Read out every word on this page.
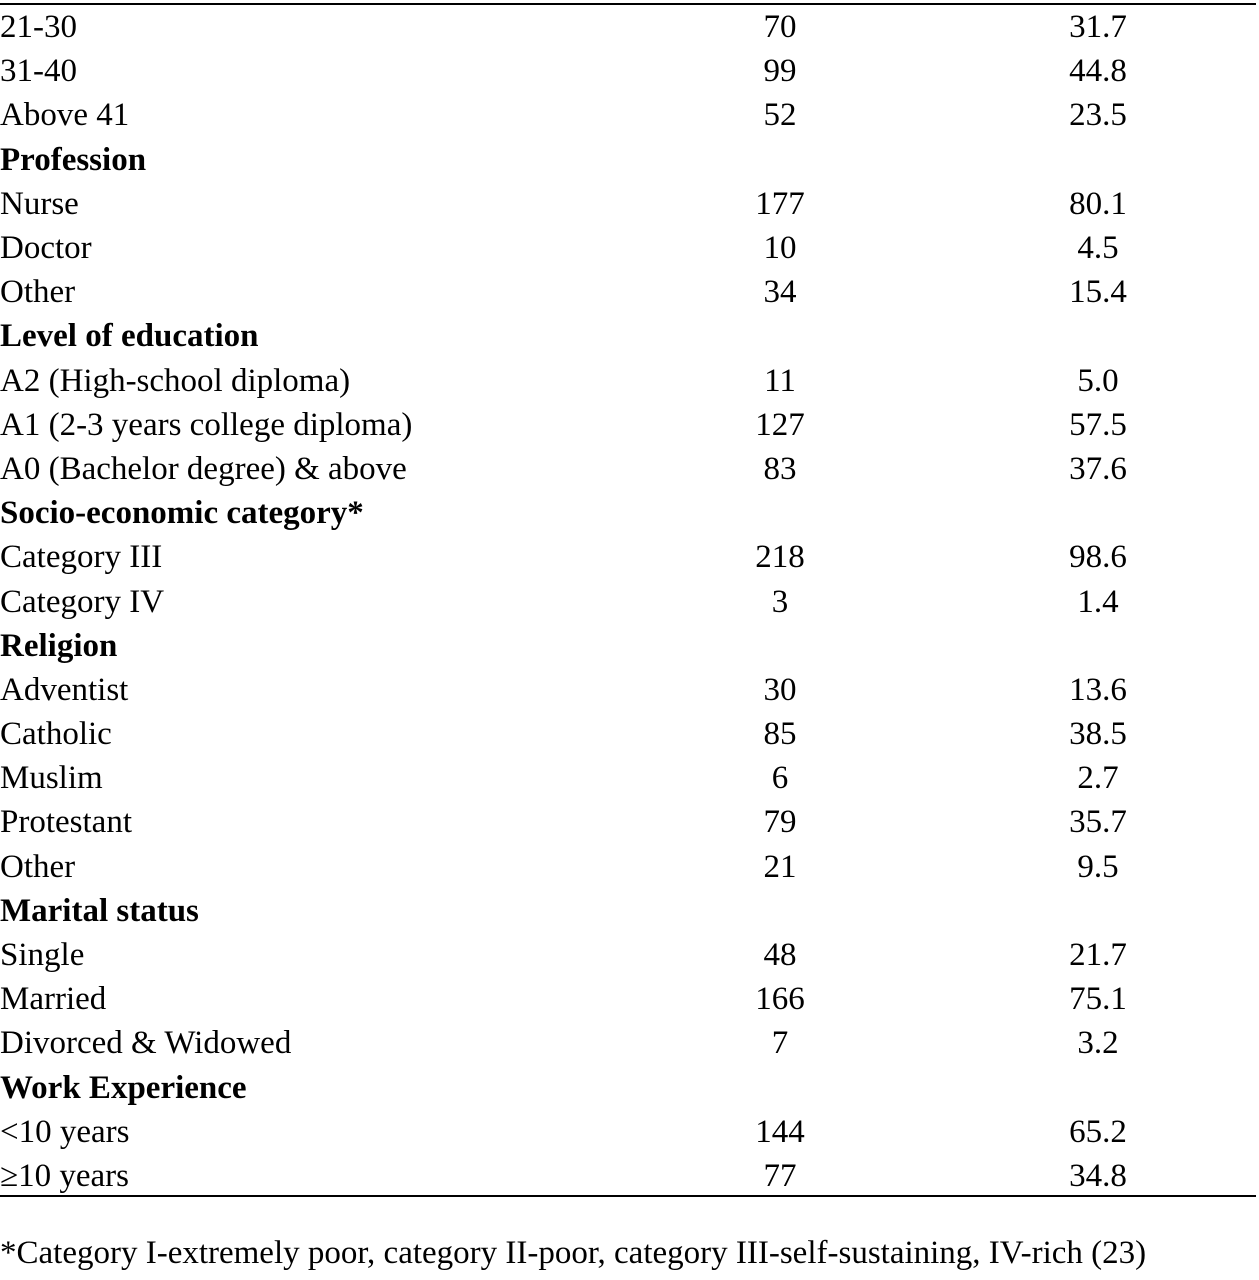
21-30	70	31.7
31-40	99	44.8
Above 41	52	23.5
Profession		
Nurse	177	80.1
Doctor	10	4.5
Other	34	15.4
Level of education		
A2 (High-school diploma)	11	5.0
A1 (2-3 years college diploma)	127	57.5
A0 (Bachelor degree) & above	83	37.6
Socio-economic category*		
Category III	218	98.6
Category IV	3	1.4
Religion		
Adventist	30	13.6
Catholic	85	38.5
Muslim	6	2.7
Protestant	79	35.7
Other	21	9.5
Marital status		
Single	48	21.7
Married	166	75.1
Divorced & Widowed	7	3.2
Work Experience		
<10 years	144	65.2
≥10 years	77	34.8
*Category I-extremely poor, category II-poor, category III-self-sustaining, IV-rich (23)
